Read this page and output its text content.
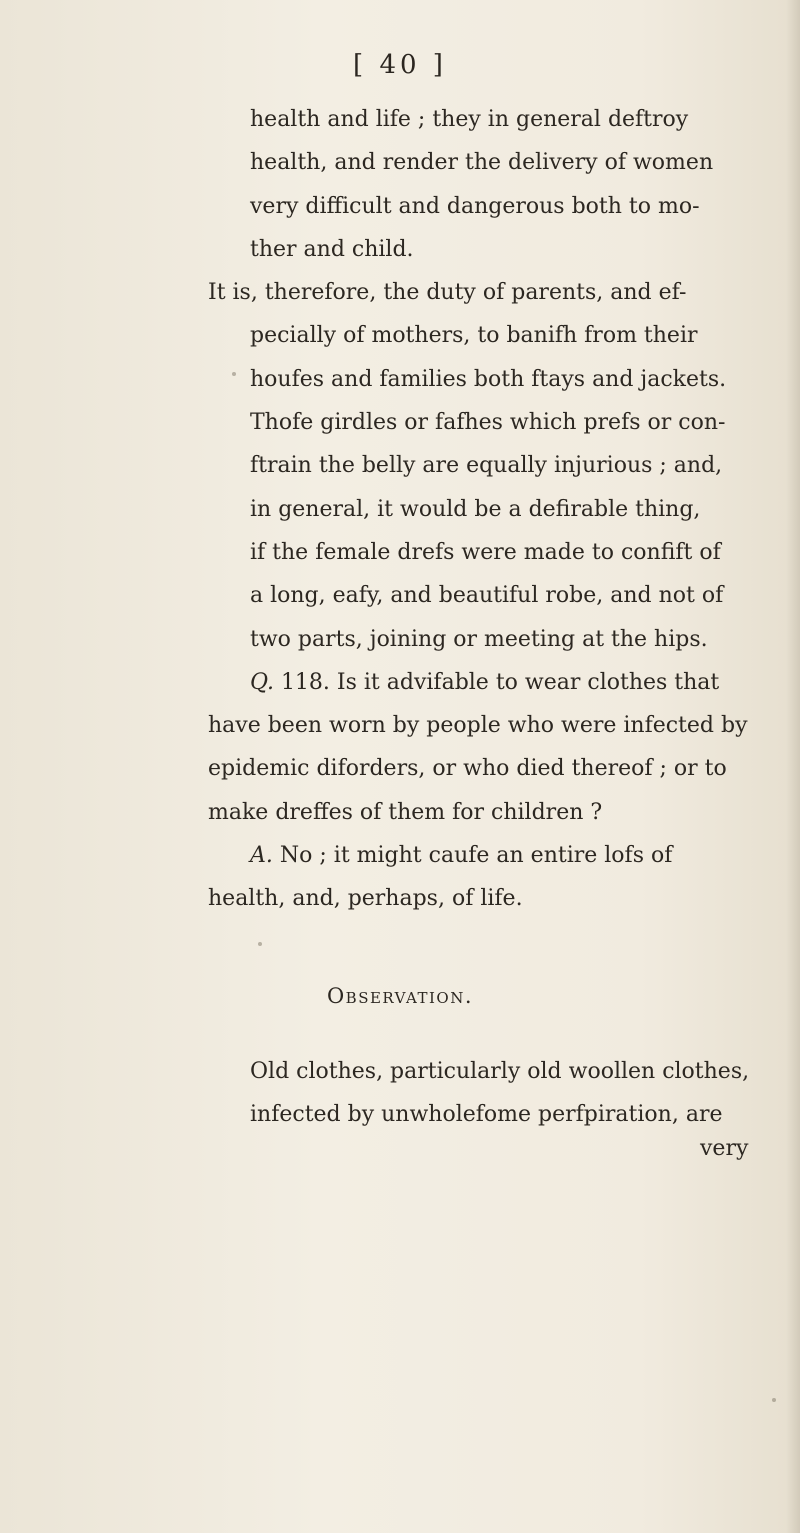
[ 40 ]
health and life ; they in general deftroy
health, and render the delivery of women
very difficult and dangerous both to mo-
ther and child.
It is, therefore, the duty of parents, and ef-
pecially of mothers, to banifh from their
houfes and families both ftays and jackets.
Thofe girdles or fafhes which prefs or con-
ftrain the belly are equally injurious ; and,
in general, it would be a defirable thing,
if the female drefs were made to confift of
a long, eafy, and beautiful robe, and not of
two parts, joining or meeting at the hips.
Q. 118. Is it advifable to wear clothes that
have been worn by people who were infected by
epidemic diforders, or who died thereof ; or to
make dreffes of them for children ?
A. No ; it might caufe an entire lofs of
health, and, perhaps, of life.
Observation.
Old clothes, particularly old woollen clothes,
infected by unwholefome perfpiration, are
very
